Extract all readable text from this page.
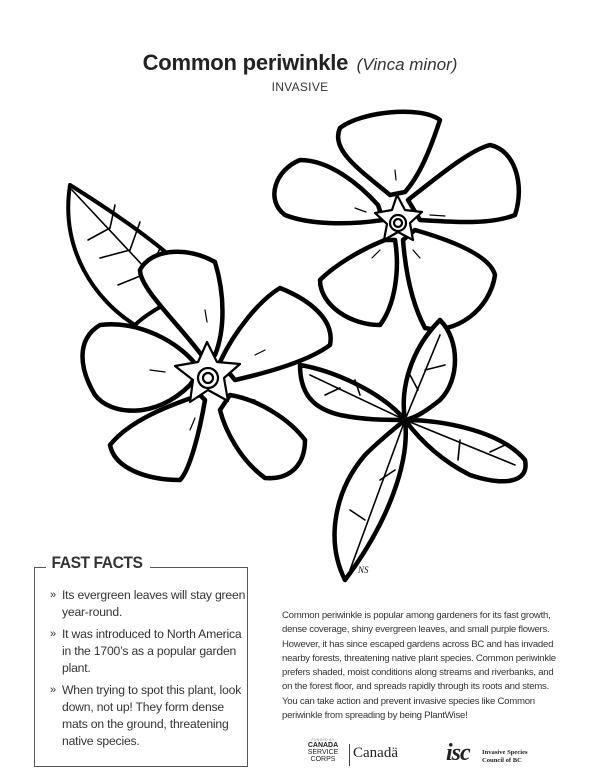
Common periwinkle (Vinca minor)
INVASIVE
NS
FAST FACTS
» Its evergreen leaves will stay green year-round.
» It was introduced to North America in the 1700’s as a popular garden plant.
» When trying to spot this plant, look down, not up! They form dense mats on the ground, threatening native species.

Common periwinkle is popular among gardeners for its fast growth, dense coverage, shiny evergreen leaves, and small purple flowers. However, it has since escaped gardens across BC and has invaded nearby forests, threatening native plant species. Common periwinkle prefers shaded, moist conditions along streams and riverbanks, and on the forest floor, and spreads rapidly through its roots and stems. You can take action and prevent invasive species like Common periwinkle from spreading by being PlantWise!

FUNDED BY
CANADA
SERVICE
CORPS	Canadä isc Invasive Species
Council of BC
